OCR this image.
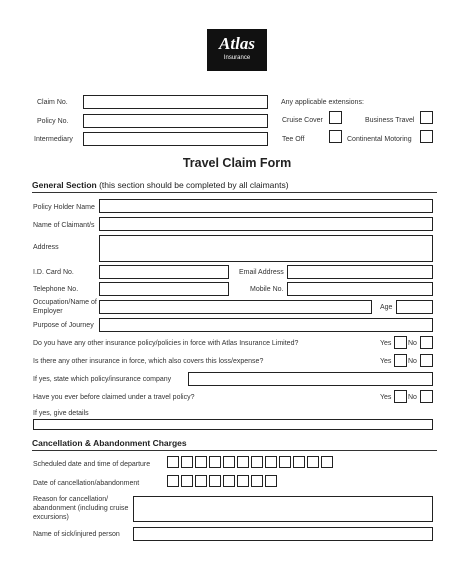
Atlas
Insurance
Claim No.
Policy No.
Intermediary
Any applicable extensions:
Cruise Cover	Business Travel
Tee Off	Continental Motoring
Travel Claim Form
General Section (this section should be completed by all claimants)
Policy Holder Name
Name of Claimant/s
Address
I.D. Card No.	Email Address
Telephone No.	Mobile No.
Occupation/Name of Employer
Age
Purpose of Journey
Do you have any other insurance policy/policies in force with Atlas Insurance Limited?	Yes No
Is there any other insurance in force, which also covers this loss/expense?	Yes No
If yes, state which policy/insurance company
Have you ever before claimed under a travel policy?	Yes No
If yes, give details
Cancellation & Abandonment Charges
Scheduled date and time of departure
Date of cancellation/abandonment
Reason for cancellation/ abandonment (including cruise excursions)
Name of sick/injured person
